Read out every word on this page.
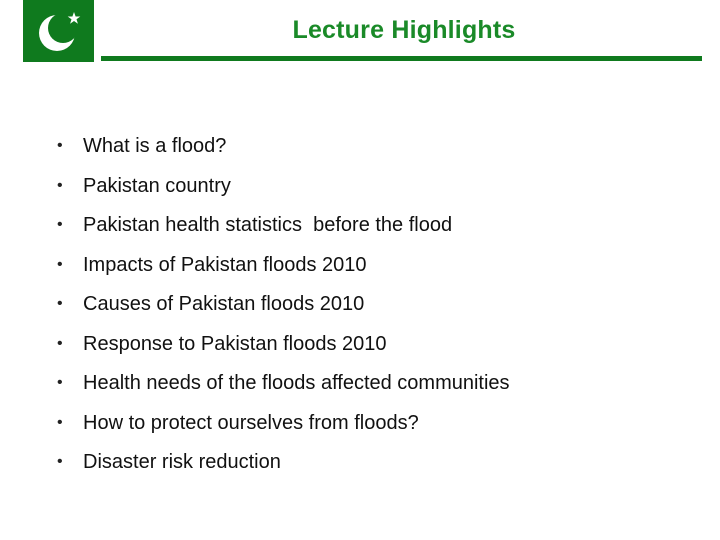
Lecture Highlights
• What is a flood?
• Pakistan country
• Pakistan health statistics  before the flood
• Impacts of Pakistan floods 2010
• Causes of Pakistan floods 2010
• Response to Pakistan floods 2010
• Health needs of the floods affected communities
• How to protect ourselves from floods?
• Disaster risk reduction
